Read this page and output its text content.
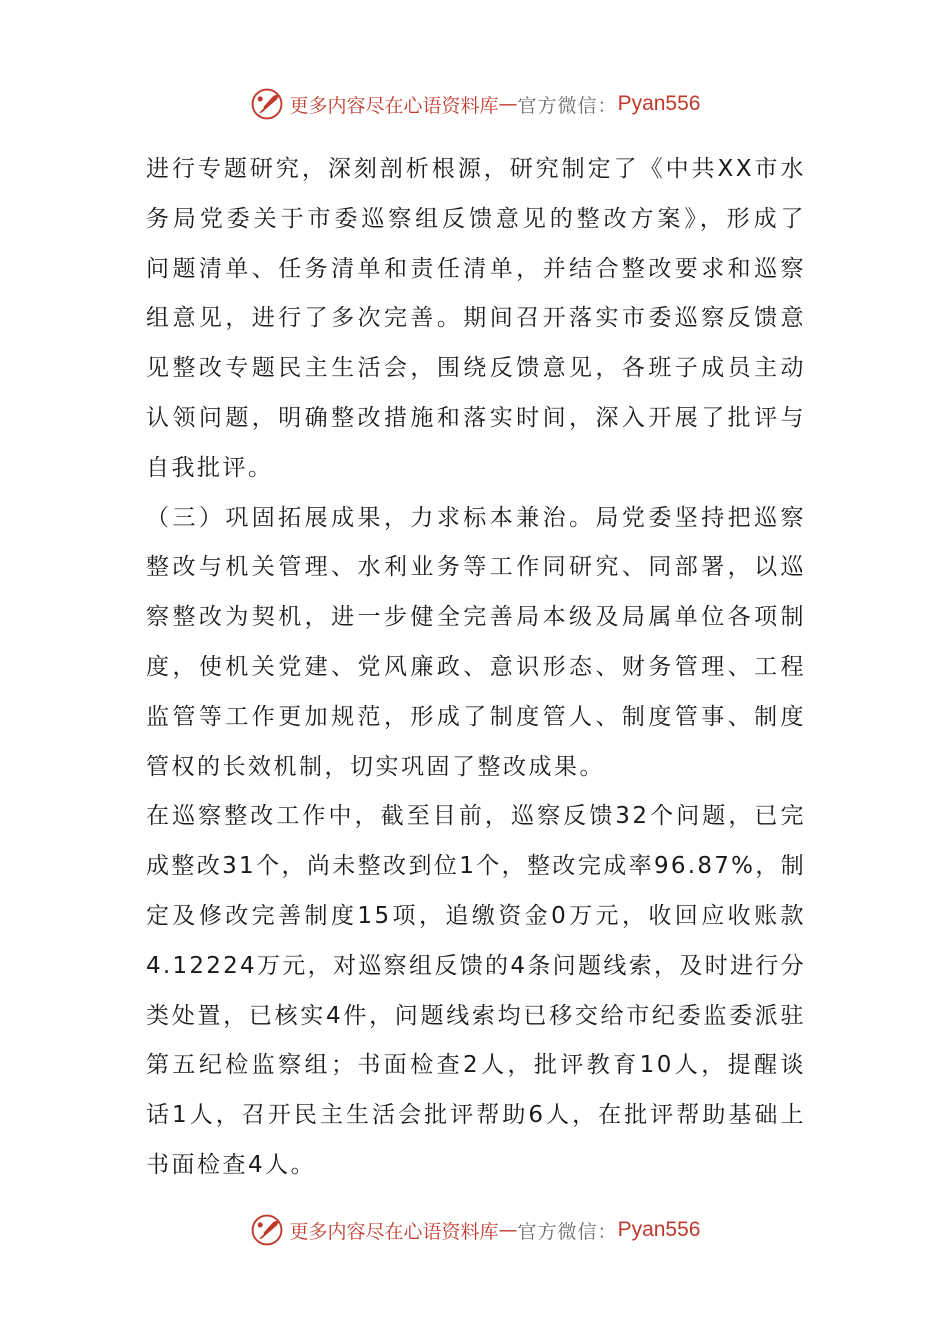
更多内容尽在心语资料库 — 官方微信： Pyan556

进行专题研究，深刻剖析根源，研究制定了《中共XX市水
务局党委关于市委巡察组反馈意见的整改方案》，形成了
问题清单、任务清单和责任清单，并结合整改要求和巡察
组意见，进行了多次完善。期间召开落实市委巡察反馈意
见整改专题民主生活会，围绕反馈意见，各班子成员主动
认领问题，明确整改措施和落实时间，深入开展了批评与
自我批评。

（三）巩固拓展成果，力求标本兼治。局党委坚持把巡察
整改与机关管理、水利业务等工作同研究、同部署，以巡
察整改为契机，进一步健全完善局本级及局属单位各项制
度，使机关党建、党风廉政、意识形态、财务管理、工程
监管等工作更加规范，形成了制度管人、制度管事、制度
管权的长效机制，切实巩固了整改成果。

在巡察整改工作中，截至目前，巡察反馈32个问题，已完
成整改31个，尚未整改到位1个，整改完成率96.87%，制
定及修改完善制度15项，追缴资金0万元，收回应收账款
4.12224万元，对巡察组反馈的4条问题线索，及时进行分
类处置，已核实4件，问题线索均已移交给市纪委监委派驻
第五纪检监察组；书面检查2人，批评教育10人，提醒谈
话1人，召开民主生活会批评帮助6人，在批评帮助基础上
书面检查4人。

更多内容尽在心语资料库 — 官方微信： Pyan556
